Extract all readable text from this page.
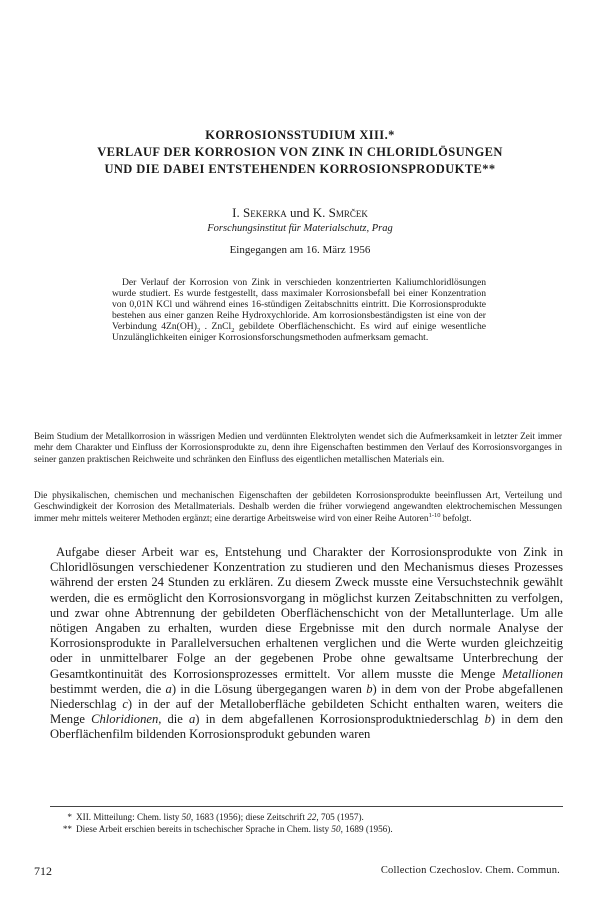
KORROSIONSSTUDIUM XIII.*
VERLAUF DER KORROSION VON ZINK IN CHLORIDLÖSUNGEN
UND DIE DABEI ENTSTEHENDEN KORROSIONSPRODUKTE**
I. Sekerka und K. Smrček
Forschungsinstitut für Materialschutz, Prag
Eingegangen am 16. März 1956

Der Verlauf der Korrosion von Zink in verschieden konzentrierten Kaliumchloridlösungen wurde studiert. Es wurde festgestellt, dass maximaler Korrosionsbefall bei einer Konzentration von 0,01N KCl und während eines 16-stündigen Zeitabschnitts eintritt. Die Korrosionsprodukte bestehen aus einer ganzen Reihe Hydroxychloride. Am korrosionsbeständigsten ist eine von der Verbindung $4Zn(OH)_2$ . ZnCl$_2$ gebildete Oberflächenschicht. Es wird auf einige wesentliche Unzulänglichkeiten einiger Korrosionsforschungsmethoden aufmerksam gemacht.

Beim Studium der Metallkorrosion in wässrigen Medien und verdünnten Elektrolyten wendet sich die Aufmerksamkeit in letzter Zeit immer mehr dem Charakter und Einfluss der Korrosionsprodukte zu, denn ihre Eigenschaften bestimmen den Verlauf des Korrosionsvorganges in seiner ganzen praktischen Reichweite und schränken den Einfluss des eigentlichen metallischen Materials ein.

Die physikalischen, chemischen und mechanischen Eigenschaften der gebildeten Korrosionsprodukte beeinflussen Art, Verteilung und Geschwindigkeit der Korrosion des Metallmaterials. Deshalb werden die früher vorwiegend angewandten elektrochemischen Messungen immer mehr mittels weiterer Methoden ergänzt; eine derartige Arbeitsweise wird von einer Reihe Autoren$^{1-10}$ befolgt.

Aufgabe dieser Arbeit war es, Entstehung und Charakter der Korrosionsprodukte von Zink in Chloridlösungen verschiedener Konzentration zu studieren und den Mechanismus dieses Prozesses während der ersten 24 Stunden zu erklären. Zu diesem Zweck musste eine Versuchstechnik gewählt werden, die es ermöglicht den Korrosionsvorgang in möglichst kurzen Zeitabschnitten zu verfolgen, und zwar ohne Abtrennung der gebildeten Oberflächenschicht von der Metallunterlage. Um alle nötigen Angaben zu erhalten, wurden diese Ergebnisse mit den durch normale Analyse der Korrosionsprodukte in Parallelversuchen erhaltenen verglichen und die Werte wurden gleichzeitig oder in unmittelbarer Folge an der gegebenen Probe ohne gewaltsame Unterbrechung der Gesamtkontinuität des Korrosionsprozesses ermittelt. Vor allem musste die Menge Metallionen bestimmt werden, die a) in die Lösung übergegangen waren b) in dem von der Probe abgefallenen Niederschlag c) in der auf der Metalloberfläche gebildeten Schicht enthalten waren, weiters die Menge Chloridionen, die a) in dem abgefallenen Korrosionsproduktniederschlag b) in dem den Oberflächenfilm bildenden Korrosionsprodukt gebunden waren

* XII. Mitteilung: Chem. listy 50, 1683 (1956); diese Zeitschrift 22, 705 (1957).

** Diese Arbeit erschien bereits in tschechischer Sprache in Chem. listy 50, 1689 (1956).

712	Collection Czechoslov. Chem. Commun.
